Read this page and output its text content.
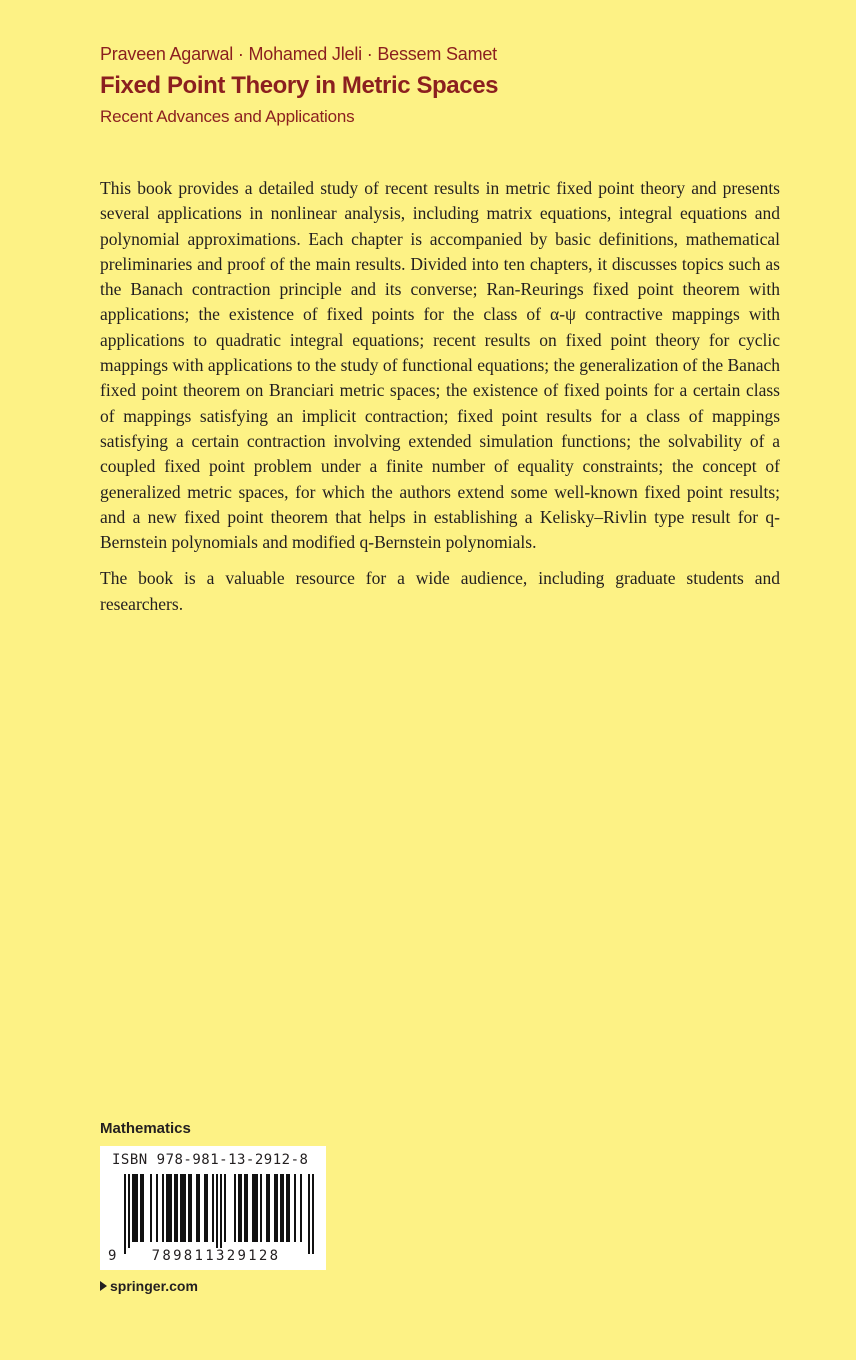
Praveen Agarwal · Mohamed Jleli · Bessem Samet
Fixed Point Theory in Metric Spaces
Recent Advances and Applications

This book provides a detailed study of recent results in metric fixed point theory and presents several applications in nonlinear analysis, including matrix equations, integral equations and polynomial approximations. Each chapter is accompanied by basic definitions, mathematical preliminaries and proof of the main results. Divided into ten chapters, it discusses topics such as the Banach contraction principle and its converse; Ran-Reurings fixed point theorem with applications; the existence of fixed points for the class of α-ψ contractive mappings with applications to quadratic integral equations; recent results on fixed point theory for cyclic mappings with applications to the study of functional equations; the generalization of the Banach fixed point theorem on Branciari metric spaces; the existence of fixed points for a certain class of mappings satisfying an implicit contraction; fixed point results for a class of mappings satisfying a certain contraction involving extended simulation functions; the solvability of a coupled fixed point problem under a finite number of equality constraints; the concept of generalized metric spaces, for which the authors extend some well-known fixed point results; and a new fixed point theorem that helps in establishing a Kelisky–Rivlin type result for q-Bernstein polynomials and modified q-Bernstein polynomials.

The book is a valuable resource for a wide audience, including graduate students and researchers.

Mathematics
ISBN 978-981-13-2912-8
9	789811329128
springer.com
